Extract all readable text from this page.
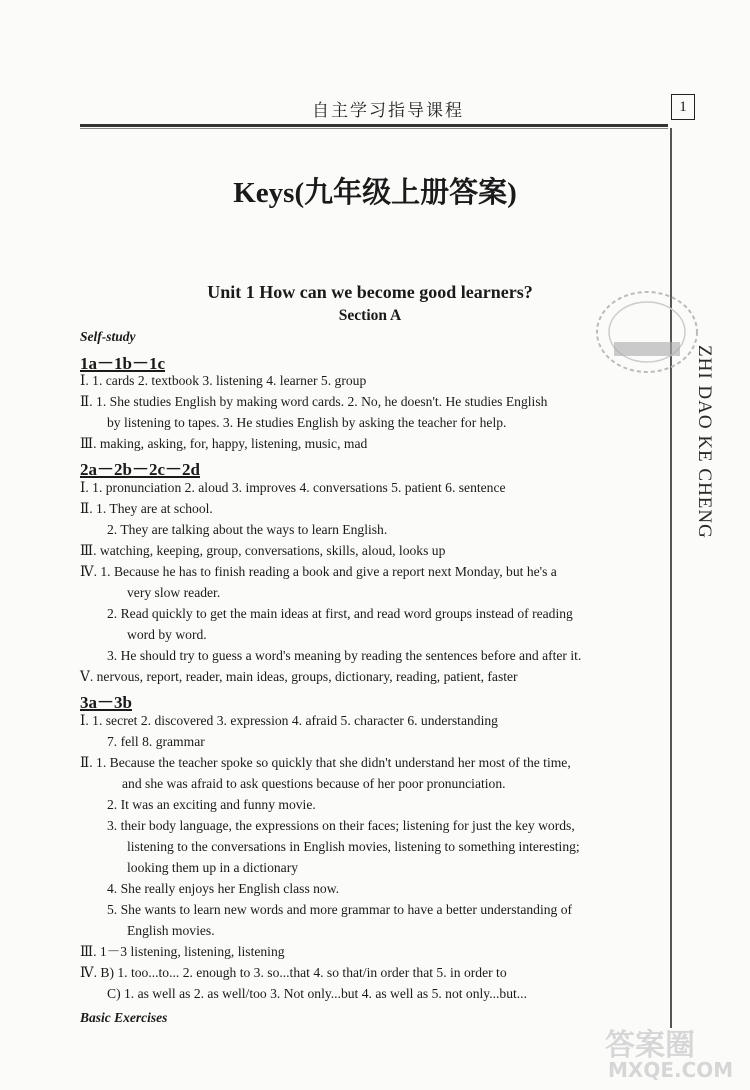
自主学习指导课程	1
Keys(九年级上册答案)
Unit 1 How can we become good learners?
Section A
Self-study
1a－1b－1c
Ⅰ. 1. cards 2. textbook 3. listening 4. learner 5. group
Ⅱ. 1. She studies English by making word cards. 2. No, he doesn't. He studies English
by listening to tapes. 3. He studies English by asking the teacher for help.
Ⅲ. making, asking, for, happy, listening, music, mad
2a－2b－2c－2d
Ⅰ. 1. pronunciation 2. aloud 3. improves 4. conversations 5. patient 6. sentence
Ⅱ. 1. They are at school.
2. They are talking about the ways to learn English.
Ⅲ. watching, keeping, group, conversations, skills, aloud, looks up
Ⅳ. 1. Because he has to finish reading a book and give a report next Monday, but he's a
very slow reader.
2. Read quickly to get the main ideas at first, and read word groups instead of reading
word by word.
3. He should try to guess a word's meaning by reading the sentences before and after it.
Ⅴ. nervous, report, reader, main ideas, groups, dictionary, reading, patient, faster
3a－3b
Ⅰ. 1. secret 2. discovered 3. expression 4. afraid 5. character 6. understanding
7. fell 8. grammar
Ⅱ. 1. Because the teacher spoke so quickly that she didn't understand her most of the time,
and she was afraid to ask questions because of her poor pronunciation.
2. It was an exciting and funny movie.
3. their body language, the expressions on their faces; listening for just the key words,
listening to the conversations in English movies, listening to something interesting;
looking them up in a dictionary
4. She really enjoys her English class now.
5. She wants to learn new words and more grammar to have a better understanding of
English movies.
Ⅲ. 1－3 listening, listening, listening
Ⅳ. B) 1. too...to... 2. enough to 3. so...that 4. so that/in order that 5. in order to
C) 1. as well as 2. as well/too 3. Not only...but 4. as well as 5. not only...but...
Basic Exercises
ZHI DAO KE CHENG
答案圈
MXQE.COM
